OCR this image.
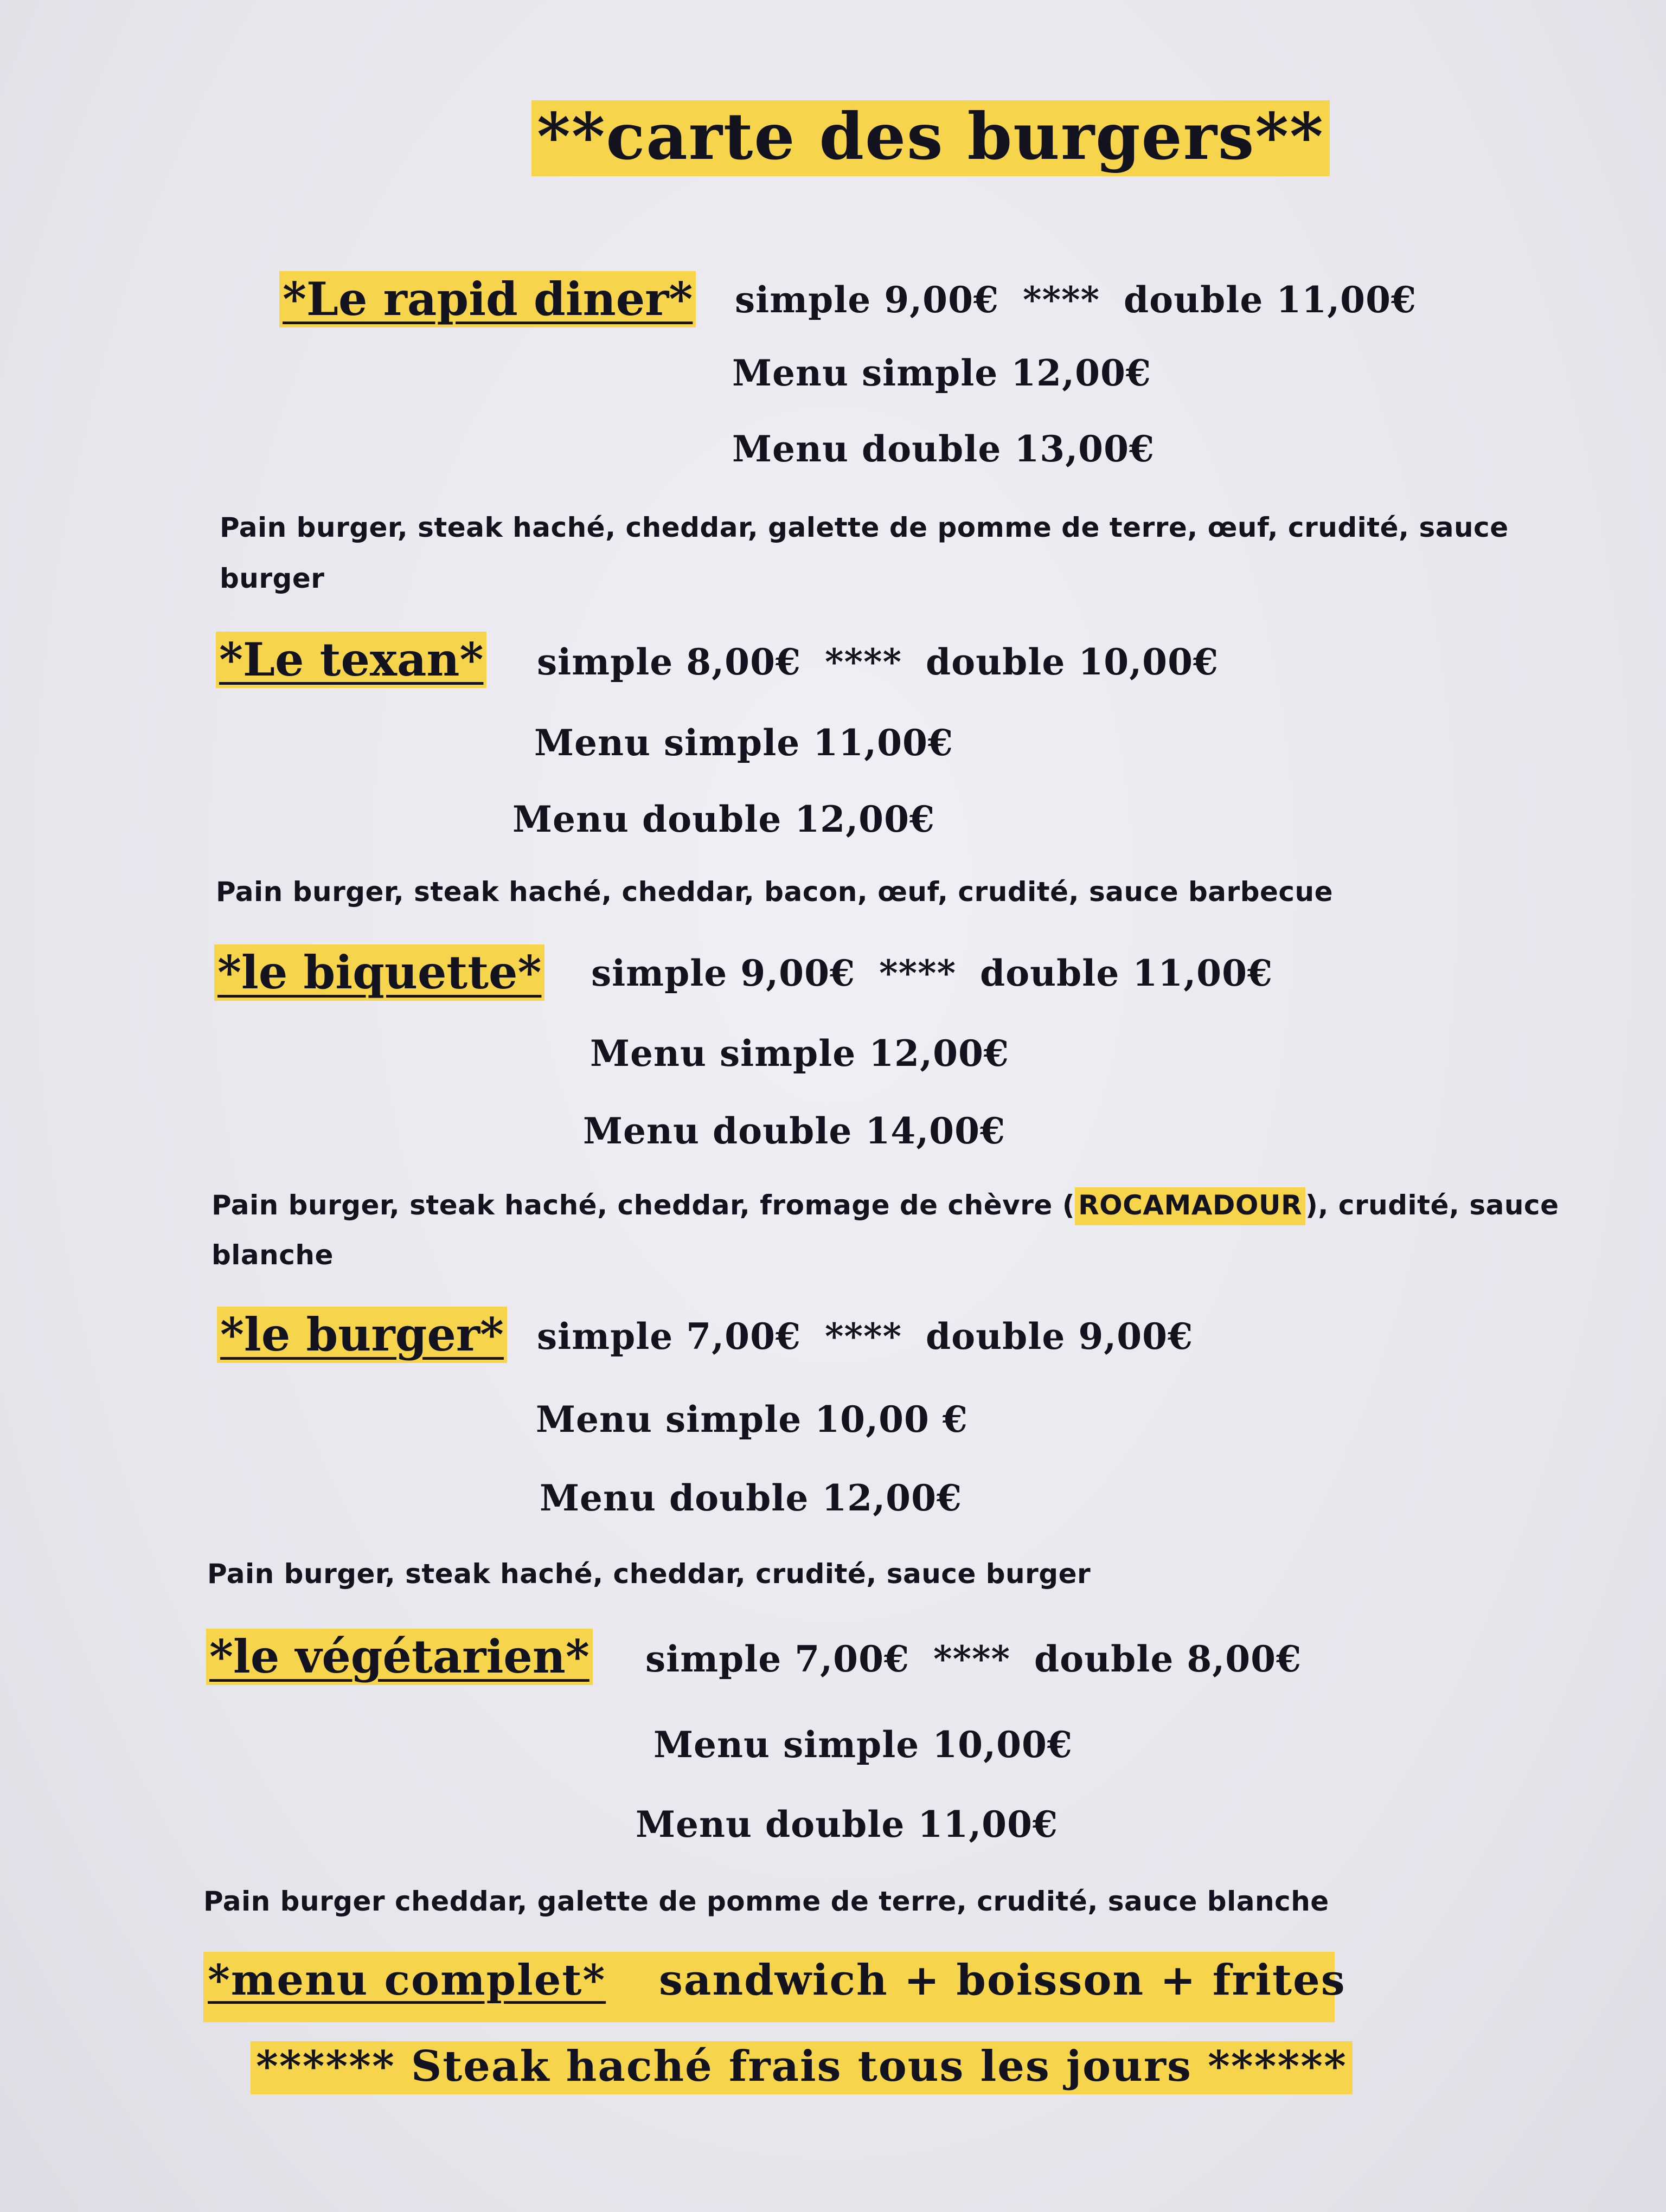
**carte des burgers**
*Le rapid diner* simple 9,00€ **** double 11,00€
Menu simple 12,00€
Menu double 13,00€
Pain burger, steak haché, cheddar, galette de pomme de terre, œuf, crudité, sauce
burger
*Le texan* simple 8,00€ **** double 10,00€
Menu simple 11,00€
Menu double 12,00€
Pain burger, steak haché, cheddar, bacon, œuf, crudité, sauce barbecue
*le biquette* simple 9,00€ **** double 11,00€
Menu simple 12,00€
Menu double 14,00€
Pain burger, steak haché, cheddar, fromage de chèvre ( ROCAMADOUR ), crudité, sauce
blanche
*le burger* simple 7,00€ **** double 9,00€
Menu simple 10,00 €
Menu double 12,00€
Pain burger, steak haché, cheddar, crudité, sauce burger
*le végétarien* simple 7,00€ **** double 8,00€
Menu simple 10,00€
Menu double 11,00€
Pain burger cheddar, galette de pomme de terre, crudité, sauce blanche
*menu complet* sandwich + boisson + frites
****** Steak haché frais tous les jours ******
